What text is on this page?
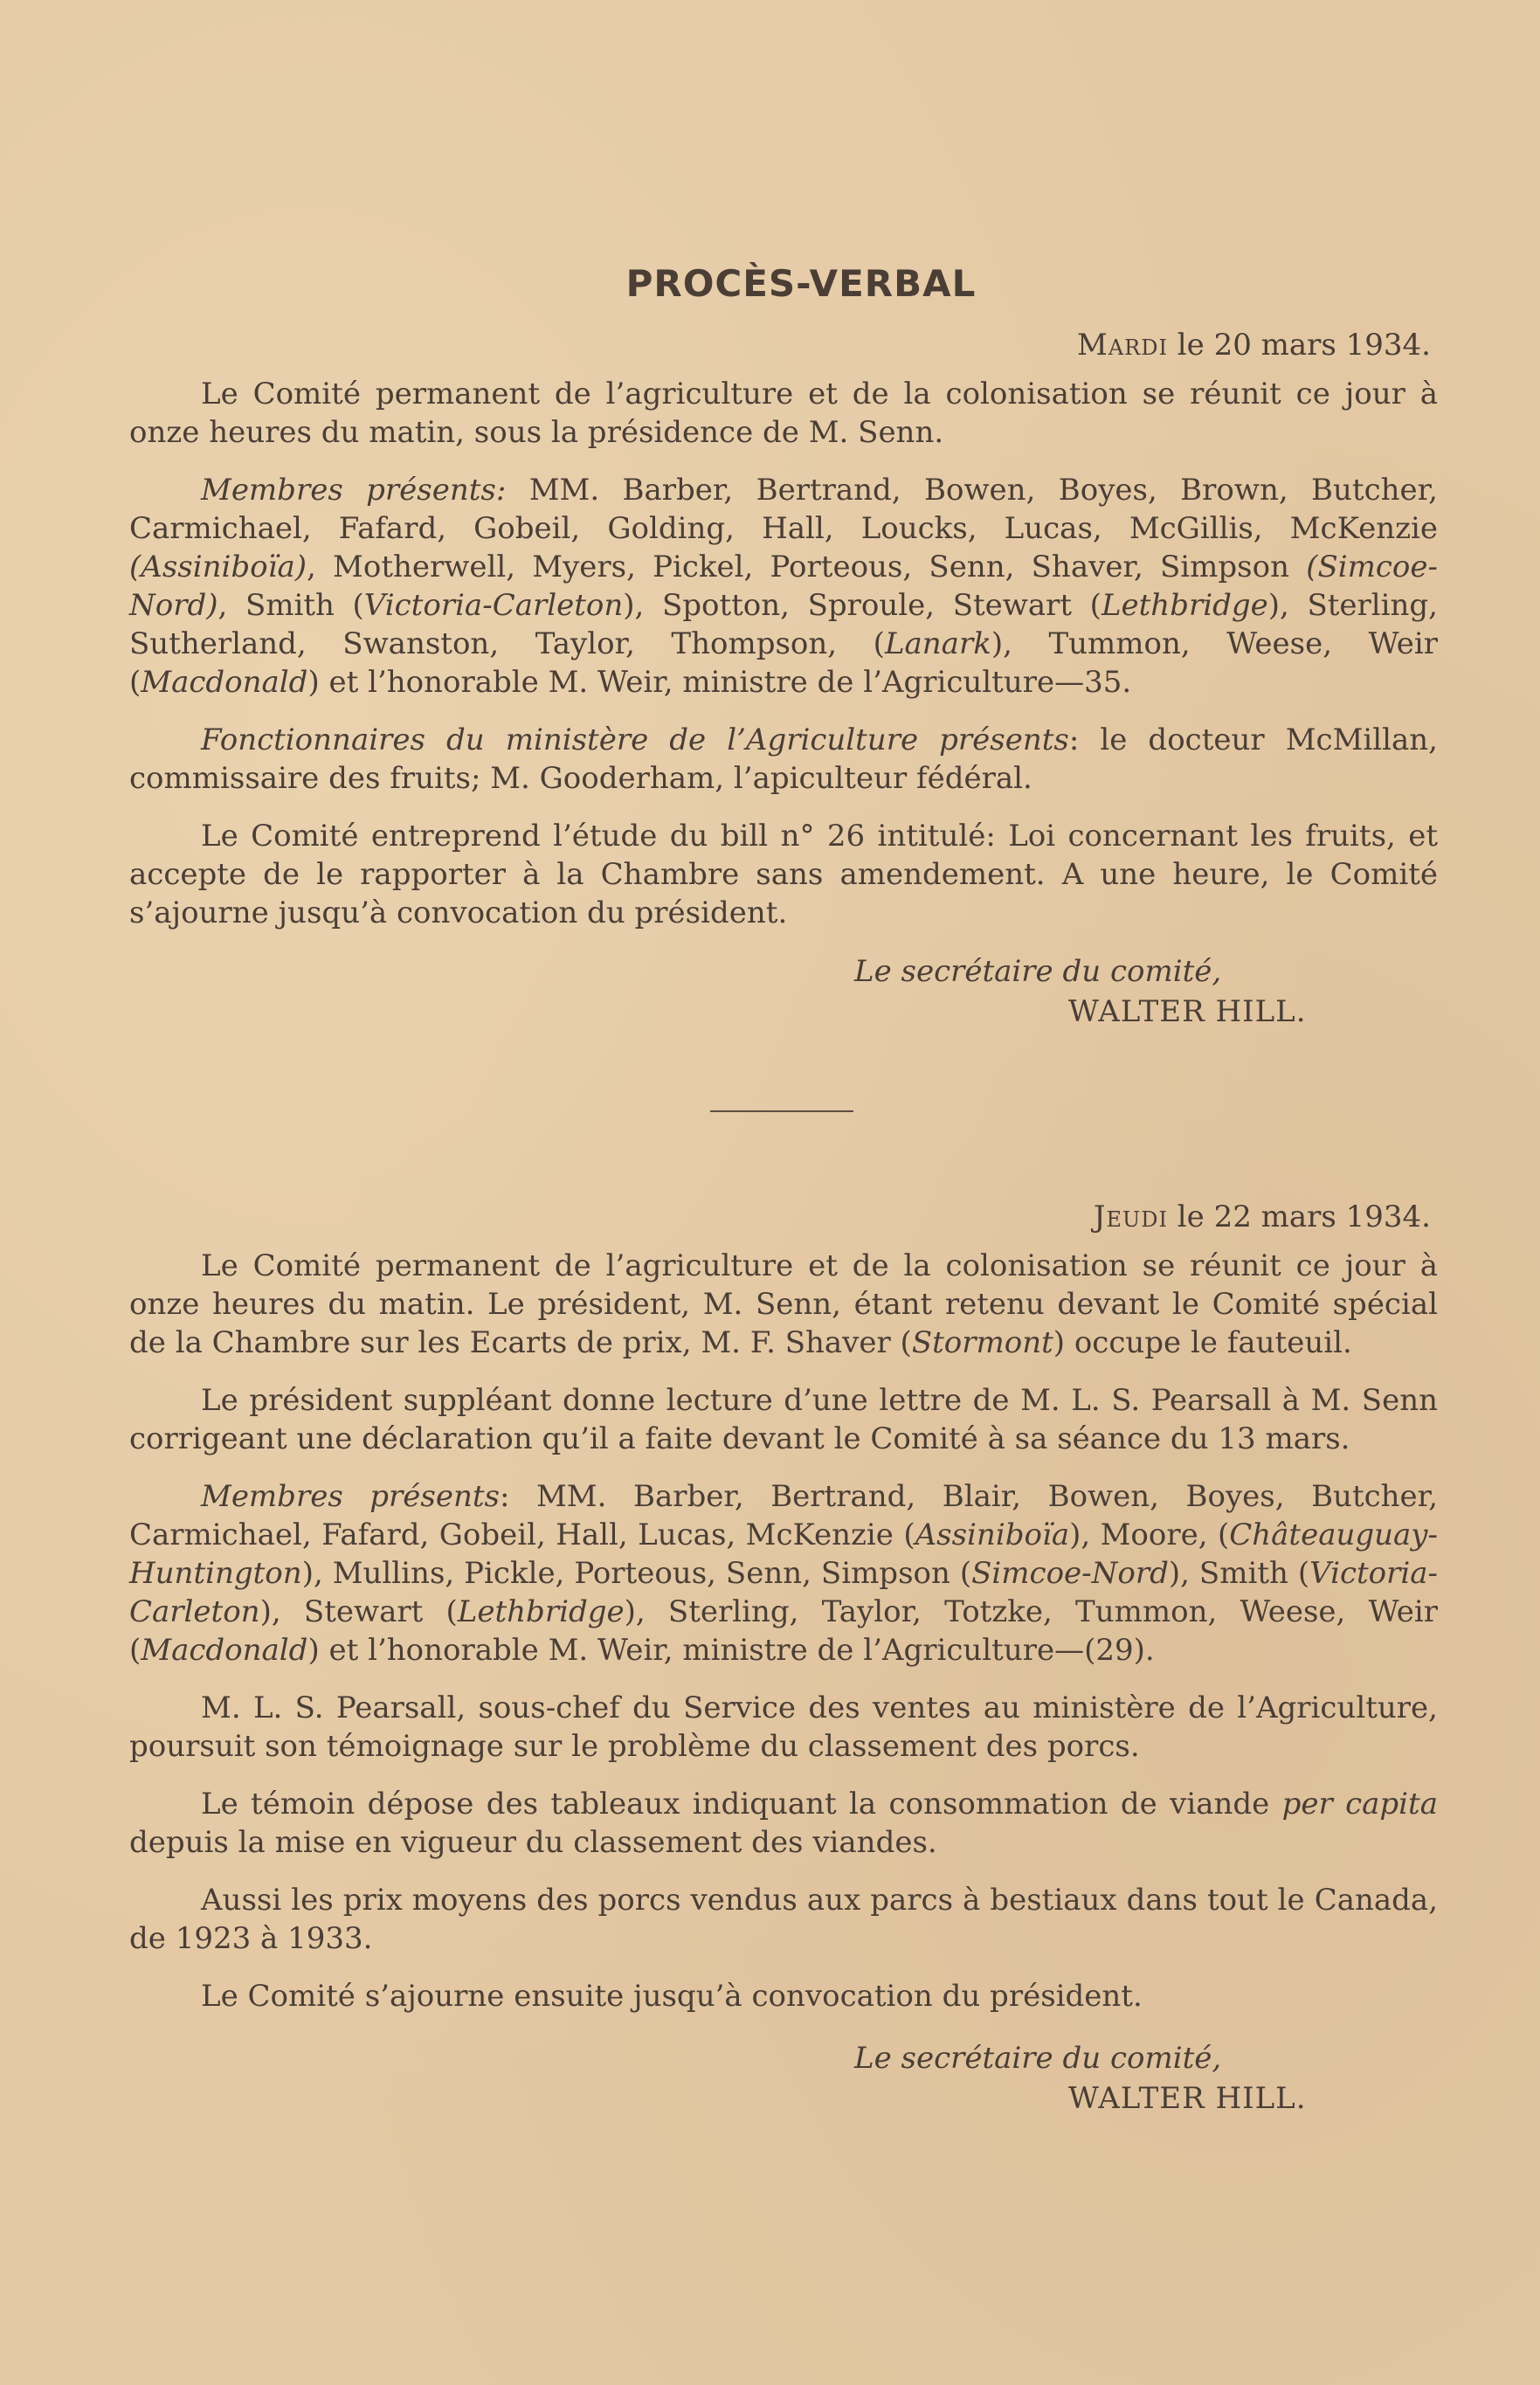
PROCÈS-VERBAL
Mardi le 20 mars 1934.

Le Comité permanent de l’agriculture et de la colonisation se réunit ce jour à onze heures du matin, sous la présidence de M. Senn.

Membres présents: MM. Barber, Bertrand, Bowen, Boyes, Brown, Butcher, Carmichael, Fafard, Gobeil, Golding, Hall, Loucks, Lucas, McGillis, McKenzie (Assiniboïa), Motherwell, Myers, Pickel, Porteous, Senn, Shaver, Simpson (Simcoe-Nord), Smith (Victoria-Carleton), Spotton, Sproule, Stewart (Lethbridge), Sterling, Sutherland, Swanston, Taylor, Thompson, (Lanark), Tummon, Weese, Weir (Macdonald) et l’honorable M. Weir, ministre de l’Agriculture—35.

Fonctionnaires du ministère de l’Agriculture présents: le docteur McMillan, commissaire des fruits; M. Gooderham, l’apiculteur fédéral.

Le Comité entreprend l’étude du bill n° 26 intitulé: Loi concernant les fruits, et accepte de le rapporter à la Chambre sans amendement. A une heure, le Comité s’ajourne jusqu’à convocation du président.

Le secrétaire du comité,
WALTER HILL.
Jeudi le 22 mars 1934.

Le Comité permanent de l’agriculture et de la colonisation se réunit ce jour à onze heures du matin. Le président, M. Senn, étant retenu devant le Comité spécial de la Chambre sur les Ecarts de prix, M. F. Shaver (Stormont) occupe le fauteuil.

Le président suppléant donne lecture d’une lettre de M. L. S. Pearsall à M. Senn corrigeant une déclaration qu’il a faite devant le Comité à sa séance du 13 mars.

Membres présents: MM. Barber, Bertrand, Blair, Bowen, Boyes, Butcher, Carmichael, Fafard, Gobeil, Hall, Lucas, McKenzie (Assiniboïa), Moore, (Châteauguay-Huntington), Mullins, Pickle, Porteous, Senn, Simpson (Simcoe-Nord), Smith (Victoria-Carleton), Stewart (Lethbridge), Sterling, Taylor, Totzke, Tummon, Weese, Weir (Macdonald) et l’honorable M. Weir, ministre de l’Agriculture—(29).

M. L. S. Pearsall, sous-chef du Service des ventes au ministère de l’Agriculture, poursuit son témoignage sur le problème du classement des porcs.

Le témoin dépose des tableaux indiquant la consommation de viande per capita depuis la mise en vigueur du classement des viandes.

Aussi les prix moyens des porcs vendus aux parcs à bestiaux dans tout le Canada, de 1923 à 1933.

Le Comité s’ajourne ensuite jusqu’à convocation du président.

Le secrétaire du comité,
WALTER HILL.
